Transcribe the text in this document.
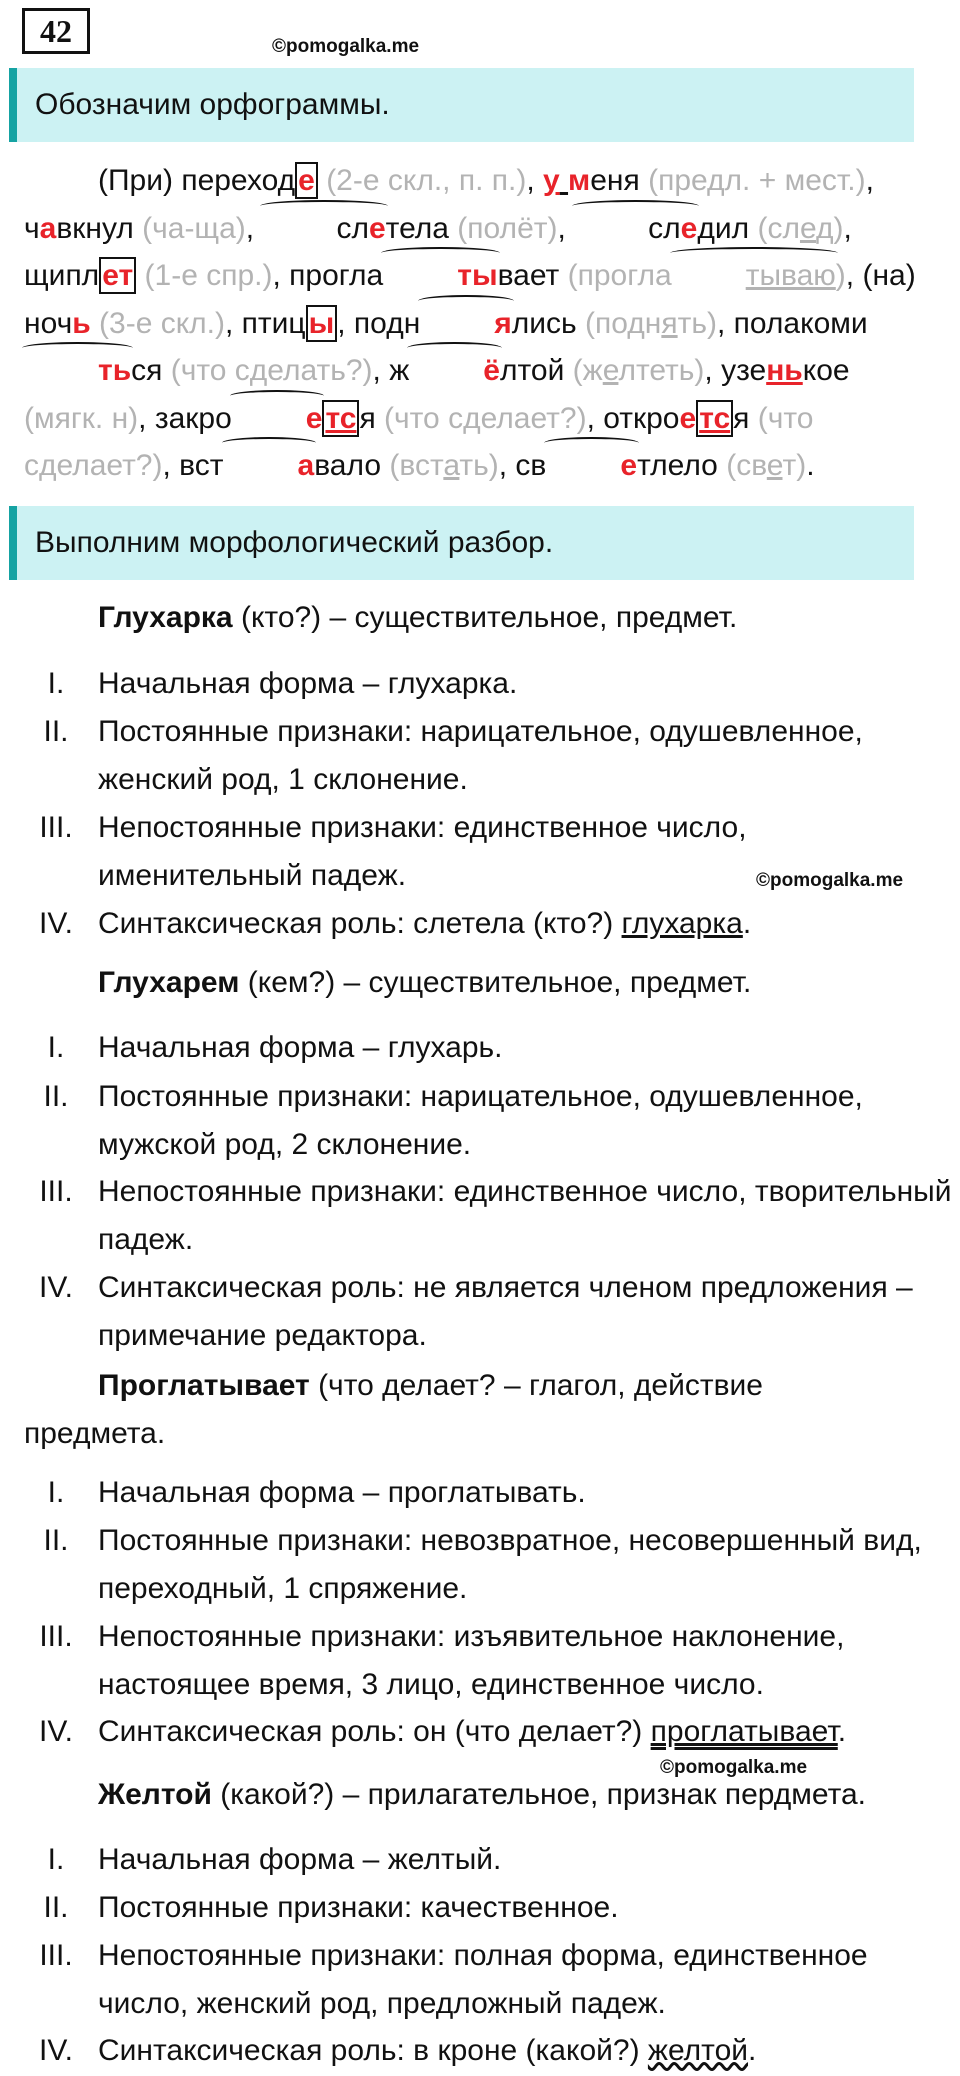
42	©pomogalka.me
Обозначим орфограммы.

(При) переход е (2-е скл., п. п.), у меня (предл. + мест.), чавкнул (ча-ща), слетела (полёт), следил (след), щипл ет (1-е спр.), прогла тывает (прогла тываю), (на) ночь (3-е скл.), птиц ы , подн ялись (поднять), полакомиться (что сделать?), ж ёлтой (желтеть), узенькое (мягк. н), закро е тс я (что сделает?), открое тс я (что сделает?), вст авало (встать), св етлело (свет).

Выполним морфологический разбор.

Глухарка (кто?) – существительное, предмет.

I.	Начальная форма – глухарка.
II. Постоянные признаки: нарицательное, одушевленное, женский род, 1 склонение.
III. Непостоянные признаки: единственное число, именительный падеж.	©pomogalka.me
IV. Синтаксическая роль: слетела (кто?) глухарка.

Глухарем (кем?) – существительное, предмет.

I.	Начальная форма – глухарь.
II. Постоянные признаки: нарицательное, одушевленное, мужской род, 2 склонение.
III. Непостоянные признаки: единственное число, творительный падеж.
IV. Синтаксическая роль: не является членом предложения – примечание редактора.

Проглатывает (что делает? – глагол, действие предмета.

I.	Начальная форма – проглатывать.
II. Постоянные признаки: невозвратное, несовершенный вид, переходный, 1 спряжение.
III. Непостоянные признаки: изъявительное наклонение, настоящее время, 3 лицо, единственное число.
IV. Синтаксическая роль: он (что делает?) проглатывает.
©pomogalka.me

Желтой (какой?) – прилагательное, признак пердмета.

I.	Начальная форма – желтый.
II. Постоянные признаки: качественное.
III. Непостоянные признаки: полная форма, единственное число, женский род, предложный падеж.
IV. Синтаксическая роль: в кроне (какой?) желтой.
